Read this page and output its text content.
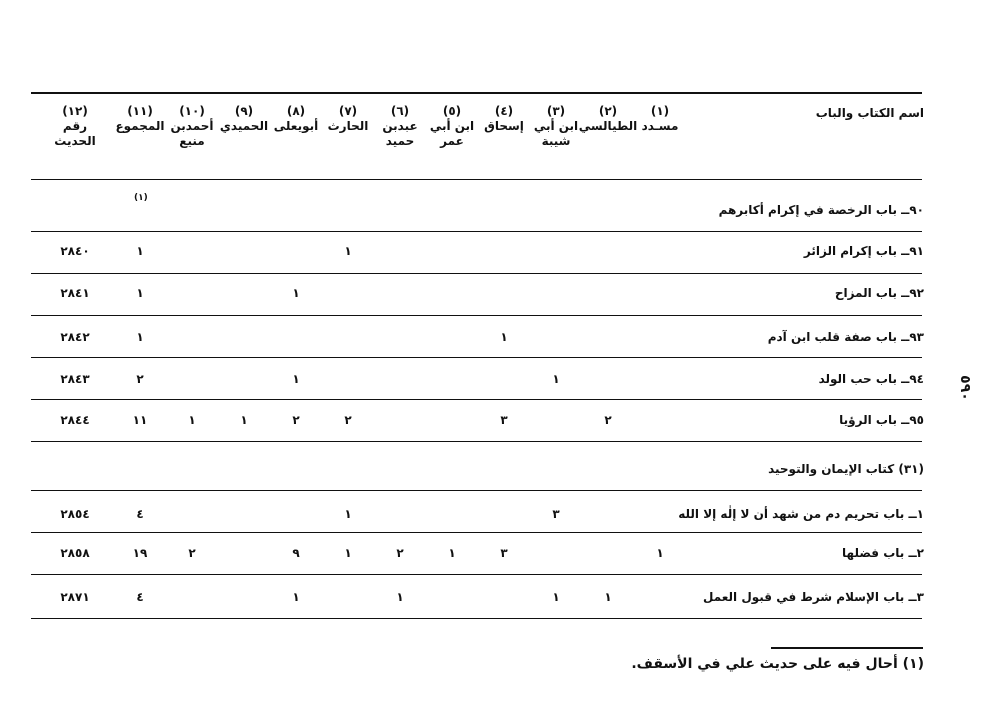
اسم الكتاب والباب
(١)
مسـدد
(٢)
الطيالسي
(٣)
ابن أبي
شيبة
(٤)
إسحاق
(٥)
ابن أبي
عمر
(٦)
عبدبن
حميد
(٧)
الحارث
(٨)
أبويعلى
(٩)
الحميدي
(١٠)
أحمدبن
منيع
(١١)
المجموع
(١٢)
رقم الحديث
٩٠ــ باب الرخصة في إكرام أكابرهم
(١)
٩١ــ باب إكرام الزائر
١
١
٢٨٤٠
٩٢ــ باب المزاح
١
١
٢٨٤١
٩٣ــ باب صفة قلب ابن آدم
١
١
٢٨٤٢
٩٤ــ باب حب الولد
١
١
٢
٢٨٤٣
٩٥ــ باب الرؤيا
٢
٣
٢
٢
١
١
١١
٢٨٤٤
(٣١) كتاب الإيمان والتوحيد
١ــ باب تحريم دم من شهد أن لا إلٰه إلا الله
٣
١
٤
٢٨٥٤
٢ــ باب فضلها
١
٣
١
٢
١
٩
٢
١٩
٢٨٥٨
٣ــ باب الإسلام شرط في قبول العمل
١
١
١
١
٤
٢٨٧١
٥٩٠
(١) أحال فيه على حديث علي في الأسقف.
